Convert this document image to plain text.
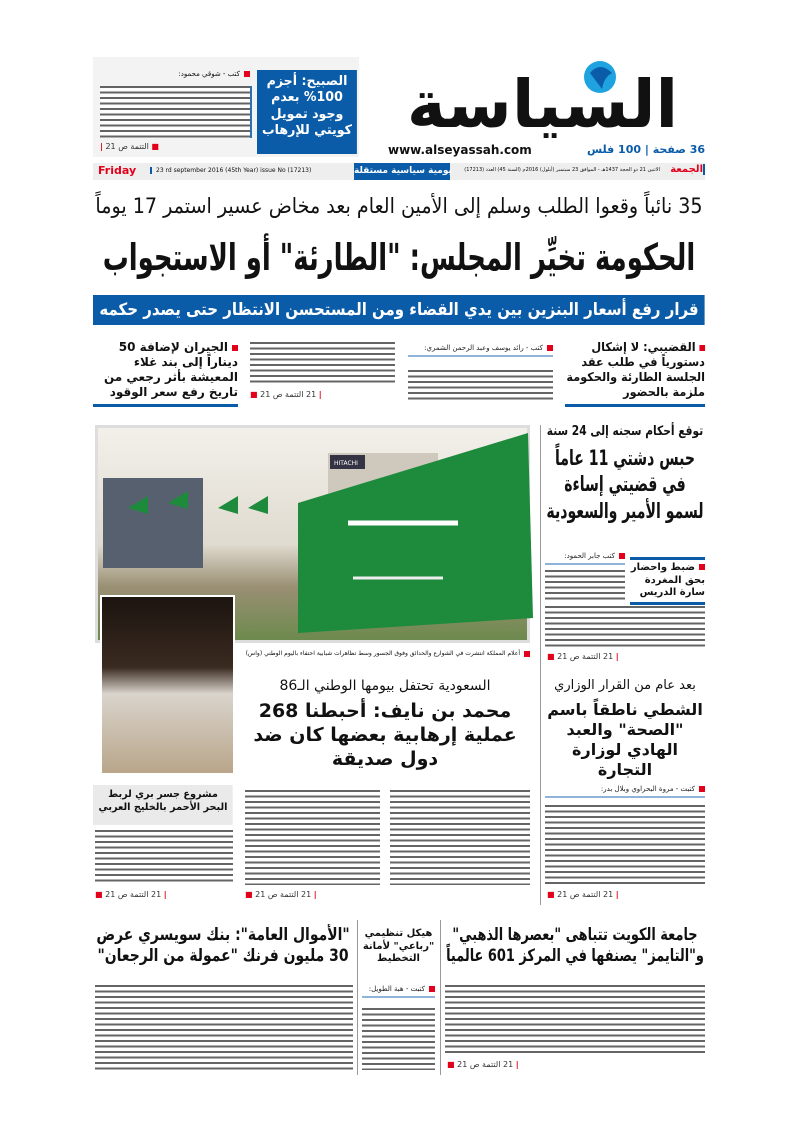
الصبيح: أجزم 100% بعدم وجود تمويل كويتي للإرهاب
كتب - شوقي محمود:
■ التتمة ص 21 |
السياسة
www.alseyassah.com	36 صفحة | 100 فلس
Friday	23 rd september 2016 (45th Year) issue No (17213)	يومية سياسية مستقلة الاثنين 21 ذو الحجة 1437هـ - الموافق 23 سبتمبر (أيلول) 2016م (السنة 45) العدد (17213)	الجمعة
35 نائباً وقعوا الطلب وسلم إلى الأمين العام بعد مخاض عسير استمر 17 يوماً
الحكومة تخيِّر المجلس: "الطارئة" أو الاستجواب
قرار رفع أسعار البنزين بين يدي القضاء ومن المستحسن الانتظار حتى يصدر حكمه
القضيبي: لا إشكال دستورياً في طلب عقد الجلسة الطارئة والحكومة ملزمة بالحضور
كتب - رائد يوسف وعبد الرحمن الشمري:
| 21 التتمة ص 21 ■
الجيران لإضافة 50 ديناراً إلى بند غلاء المعيشة بأثر رجعي من تاريخ رفع سعر الوقود
HITACHI
أعلام المملكة انتشرت في الشوارع والحدائق وفوق الجسور وسط تظاهرات شبابية احتفاء باليوم الوطني (واس)
توقع أحكام سجنه إلى 24 سنة
حبس دشتي 11 عاماً في قضيتي إساءة لسمو الأمير والسعودية
كتب جابر الحمود:
ضبط واحضار بحق المغردة سارة الدريس
| 21 التتمة ص 21 ■
السعودية تحتفل بيومها الوطني الـ86
محمد بن نايف: أحبطنا 268 عملية إرهابية بعضها كان ضد دول صديقة
| 21 التتمة ص 21 ■
مشروع جسر بري لربط البحر الأحمر بالخليج العربي
| 21 التتمة ص 21 ■
بعد عام من القرار الوزاري
الشطي ناطقاً باسم "الصحة" والعبد الهادي لوزارة التجارة
كتبت - مروة البحراوي وبلال بدر:
| 21 التتمة ص 21 ■
جامعة الكويت تتباهى "بعصرها الذهبي" و"التايمز" يصنفها في المركز 601 عالمياً
| 21 التتمة ص 21 ■
هيكل تنظيمي "رباعي" لأمانة التخطيط
كتبت - هبة الطويل:
"الأموال العامة": بنك سويسري عرض 30 مليون فرنك "عمولة من الرجعان"
